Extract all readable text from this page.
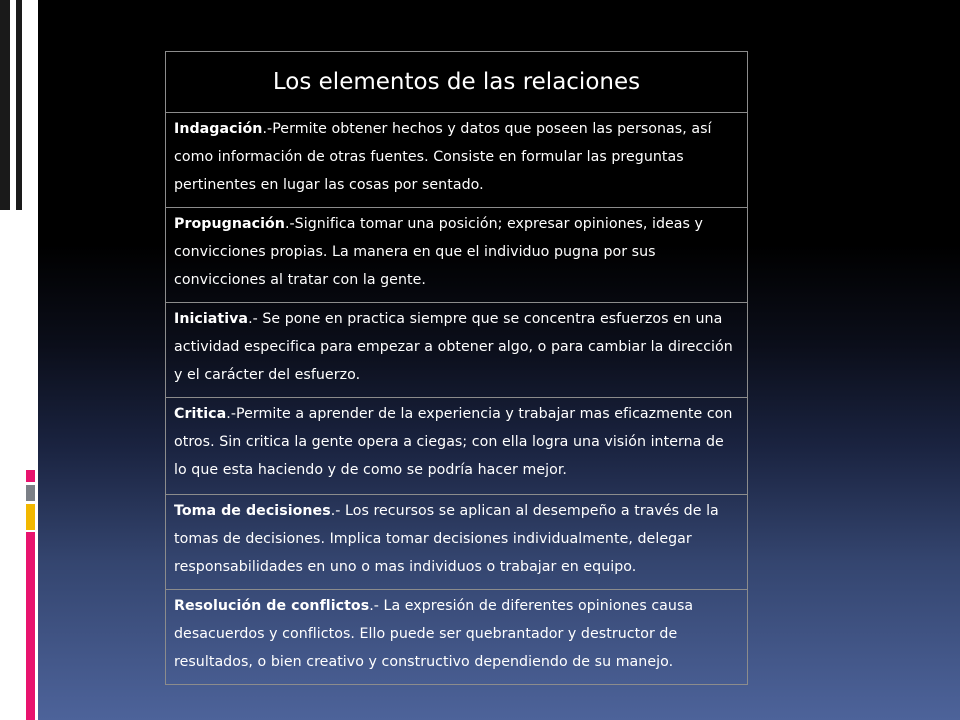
Los elementos de las relaciones
Indagación.-Permite obtener hechos y datos que poseen las personas, así como información de otras fuentes. Consiste en formular las preguntas pertinentes en lugar las cosas por sentado.
Propugnación.-Significa tomar una posición; expresar opiniones, ideas y convicciones propias. La manera en que el individuo pugna por sus convicciones al tratar con la gente.
Iniciativa.- Se pone en practica siempre que se concentra esfuerzos en una actividad especifica para empezar a obtener algo, o para cambiar la dirección y el carácter del esfuerzo.
Critica.-Permite a aprender de la experiencia y trabajar mas eficazmente con otros. Sin critica la gente opera a ciegas; con ella logra una visión interna de lo que esta haciendo y de como se podría hacer mejor.
Toma de decisiones.- Los recursos se aplican al desempeño a través de la tomas de decisiones. Implica tomar decisiones individualmente, delegar responsabilidades en uno o mas individuos o trabajar en equipo.
Resolución de conflictos.- La expresión de diferentes opiniones causa desacuerdos y conflictos. Ello puede ser quebrantador y destructor de resultados, o bien creativo y constructivo dependiendo de su manejo.
